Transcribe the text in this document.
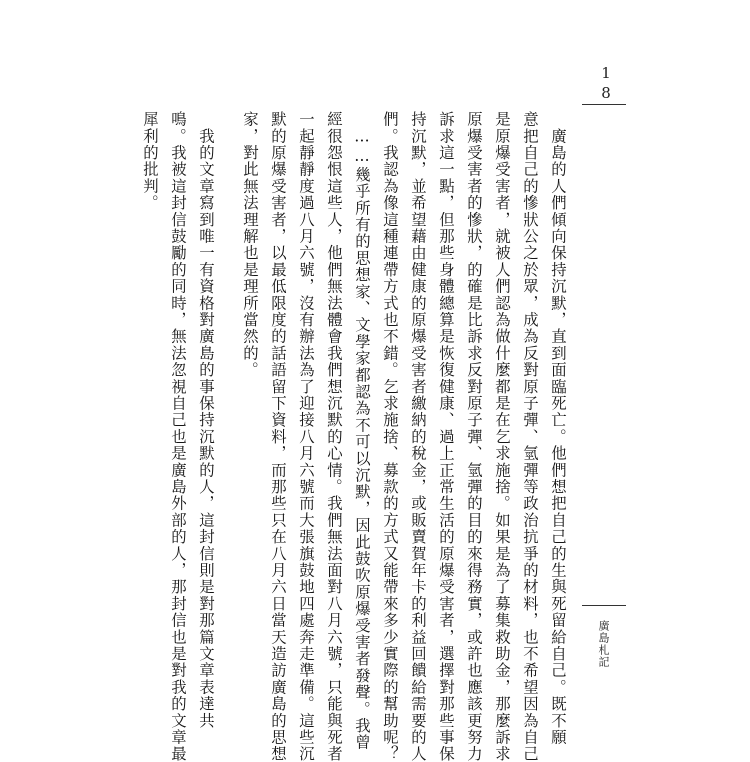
18
廣島札記
　廣島的人們傾向保持沉默，直到面臨死亡。他們想把自己的生與死留給自己。既不願
意把自己的慘狀公之於眾，成為反對原子彈、氫彈等政治抗爭的材料，也不希望因為自己
是原爆受害者，就被人們認為做什麼都是在乞求施捨。如果是為了募集救助金，那麼訴求
原爆受害者的慘狀，的確是比訴求反對原子彈、氫彈的目的來得務實，或許也應該更努力
訴求這一點，但那些身體總算是恢復健康、過上正常生活的原爆受害者，選擇對那些事保
持沉默，並希望藉由健康的原爆受害者繳納的稅金，或販賣賀年卡的利益回饋給需要的人
們。我認為像這種連帶方式也不錯。乞求施捨、募款的方式又能帶來多少實際的幫助呢？
　……幾乎所有的思想家、文學家都認為不可以沉默，因此鼓吹原爆受害者發聲。我曾
經很怨恨這些人，他們無法體會我們想沉默的心情。我們無法面對八月六號，只能與死者
一起靜靜度過八月六號，沒有辦法為了迎接八月六號而大張旗鼓地四處奔走準備。這些沉
默的原爆受害者，以最低限度的話語留下資料，而那些只在八月六日當天造訪廣島的思想
家，對此無法理解也是理所當然的。
　我的文章寫到唯一有資格對廣島的事保持沉默的人，這封信則是對那篇文章表達共
鳴。我被這封信鼓勵的同時，無法忽視自己也是廣島外部的人，那封信也是對我的文章最
犀利的批判。
